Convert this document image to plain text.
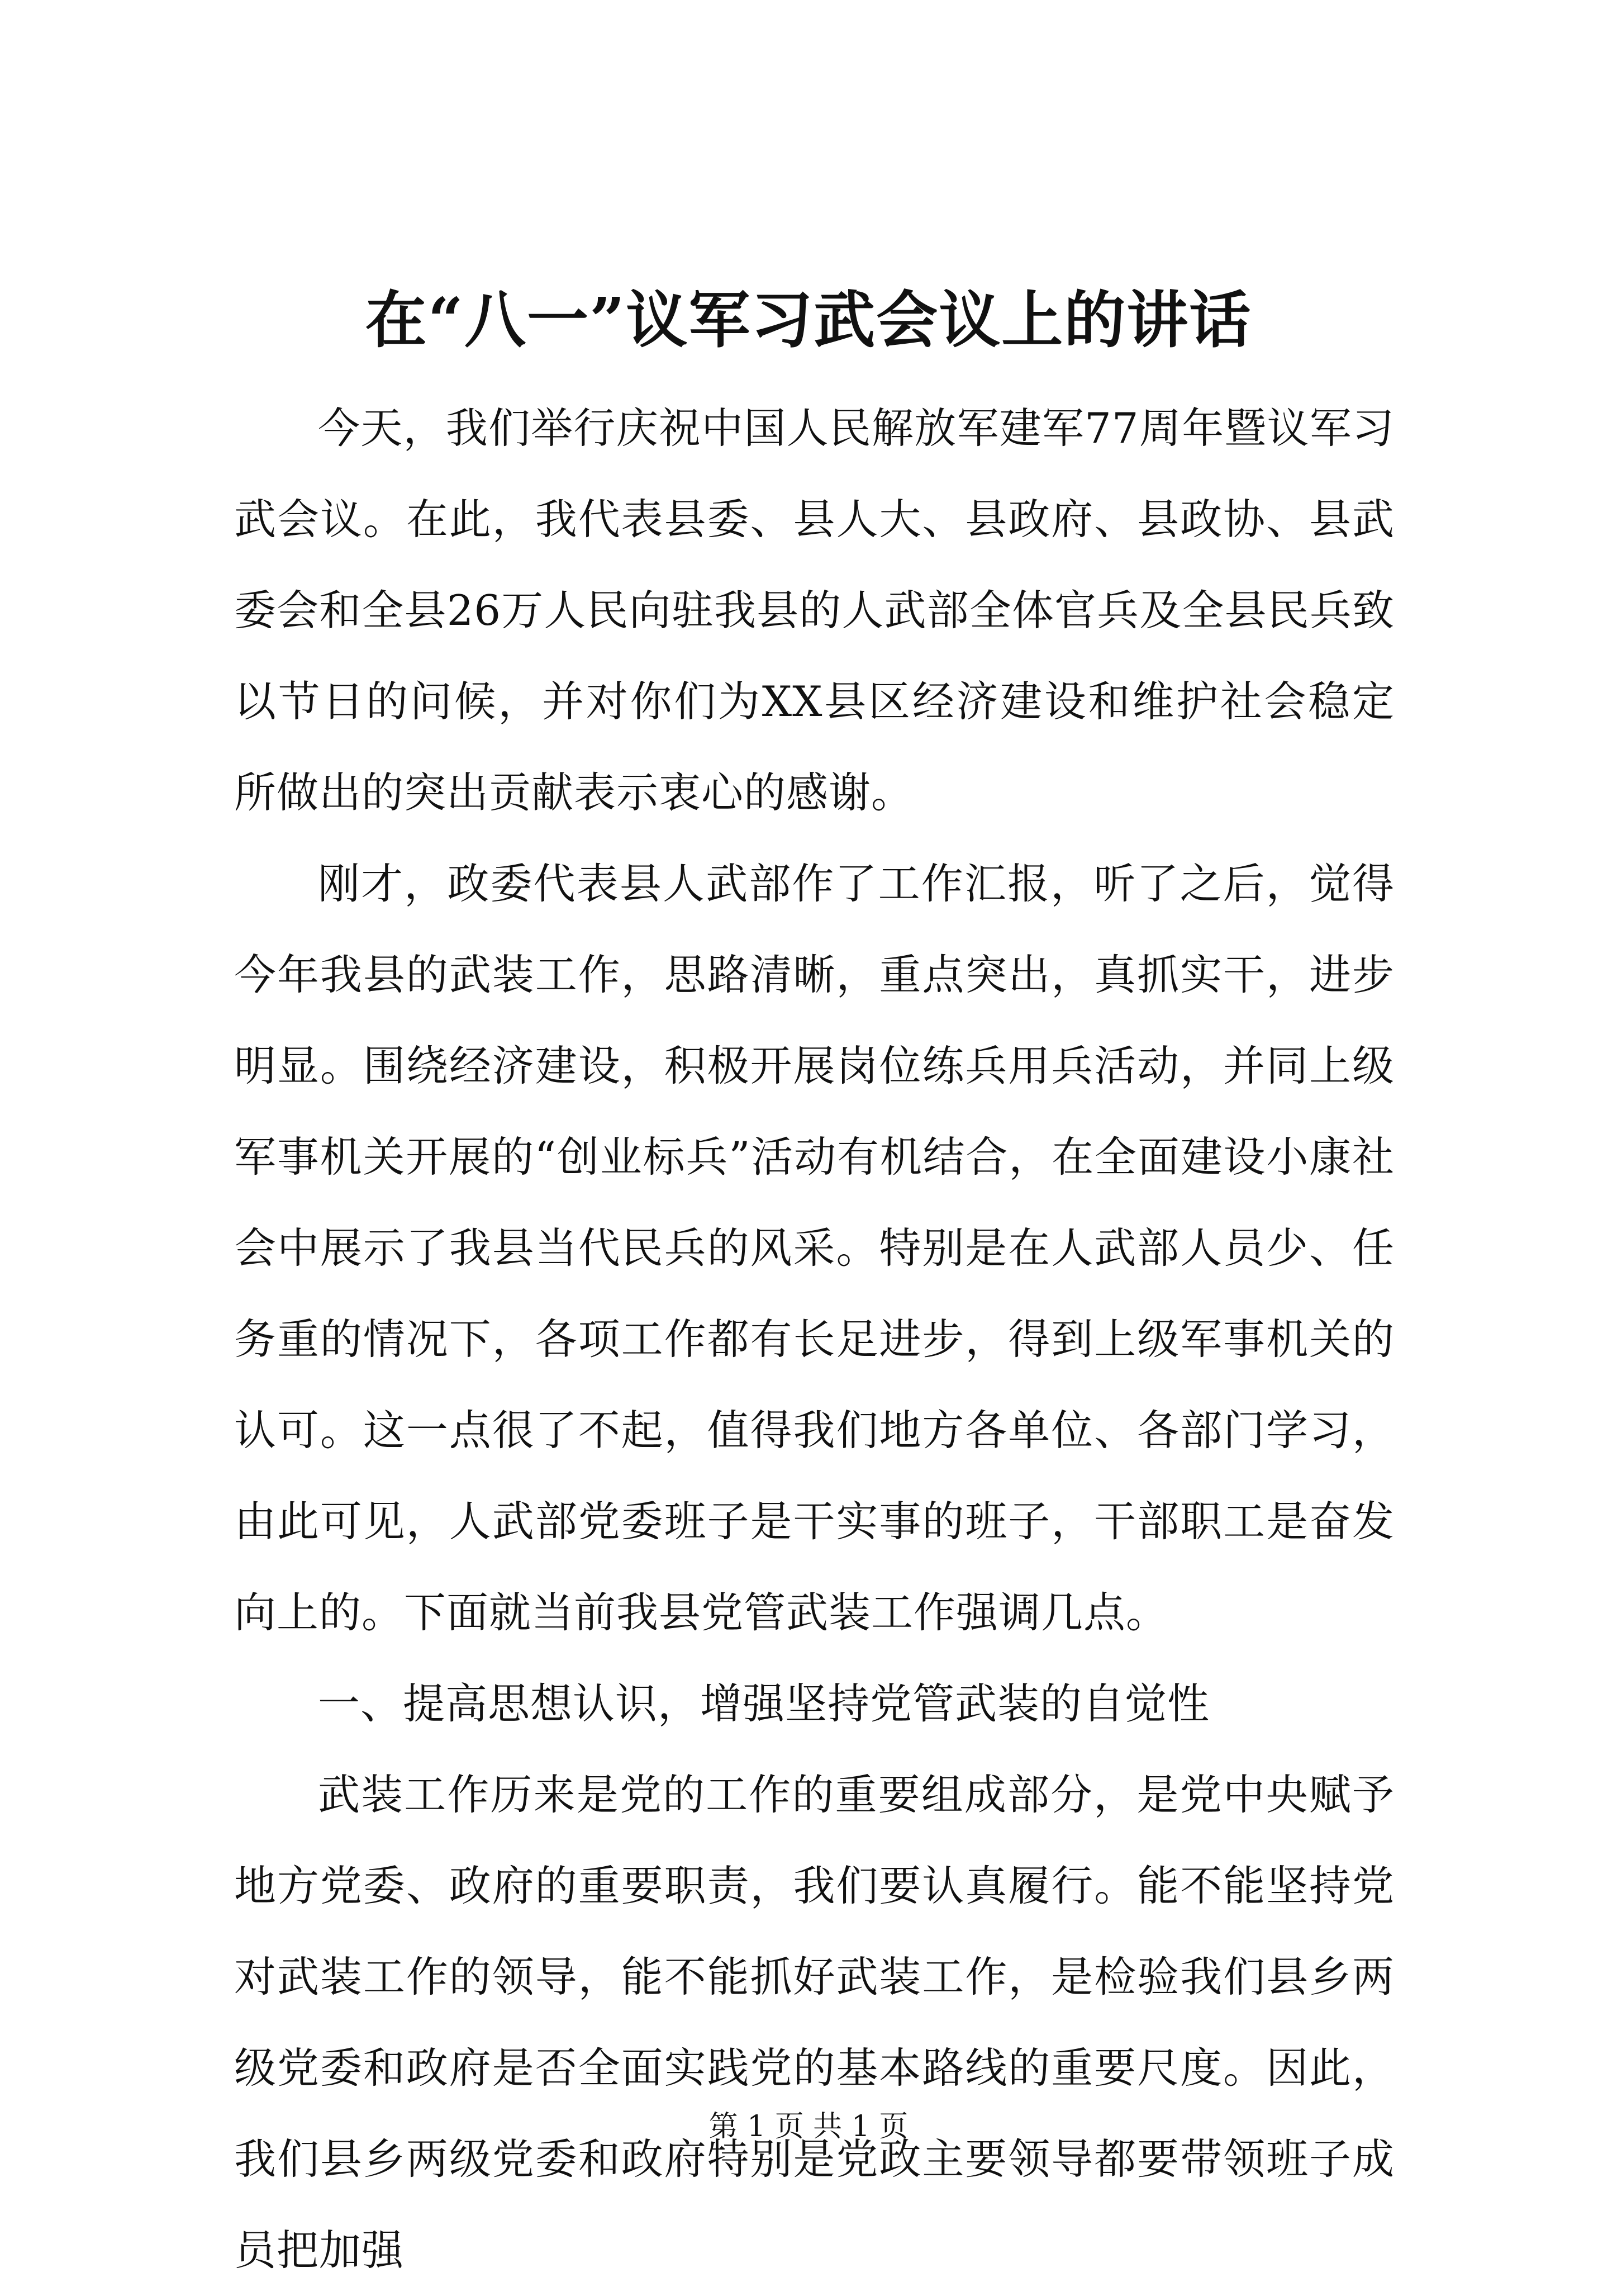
在“八一”议军习武会议上的讲话

今天，我们举行庆祝中国人民解放军建军77周年暨议军习武会议。在此，我代表县委、县人大、县政府、县政协、县武委会和全县26万人民向驻我县的人武部全体官兵及全县民兵致以节日的问候，并对你们为XX县区经济建设和维护社会稳定所做出的突出贡献表示衷心的感谢。

刚才，政委代表县人武部作了工作汇报，听了之后，觉得今年我县的武装工作，思路清晰，重点突出，真抓实干，进步明显。围绕经济建设，积极开展岗位练兵用兵活动，并同上级军事机关开展的“创业标兵”活动有机结合，在全面建设小康社会中展示了我县当代民兵的风采。特别是在人武部人员少、任务重的情况下，各项工作都有长足进步，得到上级军事机关的认可。这一点很了不起，值得我们地方各单位、各部门学习，由此可见，人武部党委班子是干实事的班子，干部职工是奋发向上的。下面就当前我县党管武装工作强调几点。

一、提高思想认识，增强坚持党管武装的自觉性

武装工作历来是党的工作的重要组成部分，是党中央赋予地方党委、政府的重要职责，我们要认真履行。能不能坚持党对武装工作的领导，能不能抓好武装工作，是检验我们县乡两级党委和政府是否全面实践党的基本路线的重要尺度。因此，我们县乡两级党委和政府特别是党政主要领导都要带领班子成员把加强

第 1 页 共 1 页
